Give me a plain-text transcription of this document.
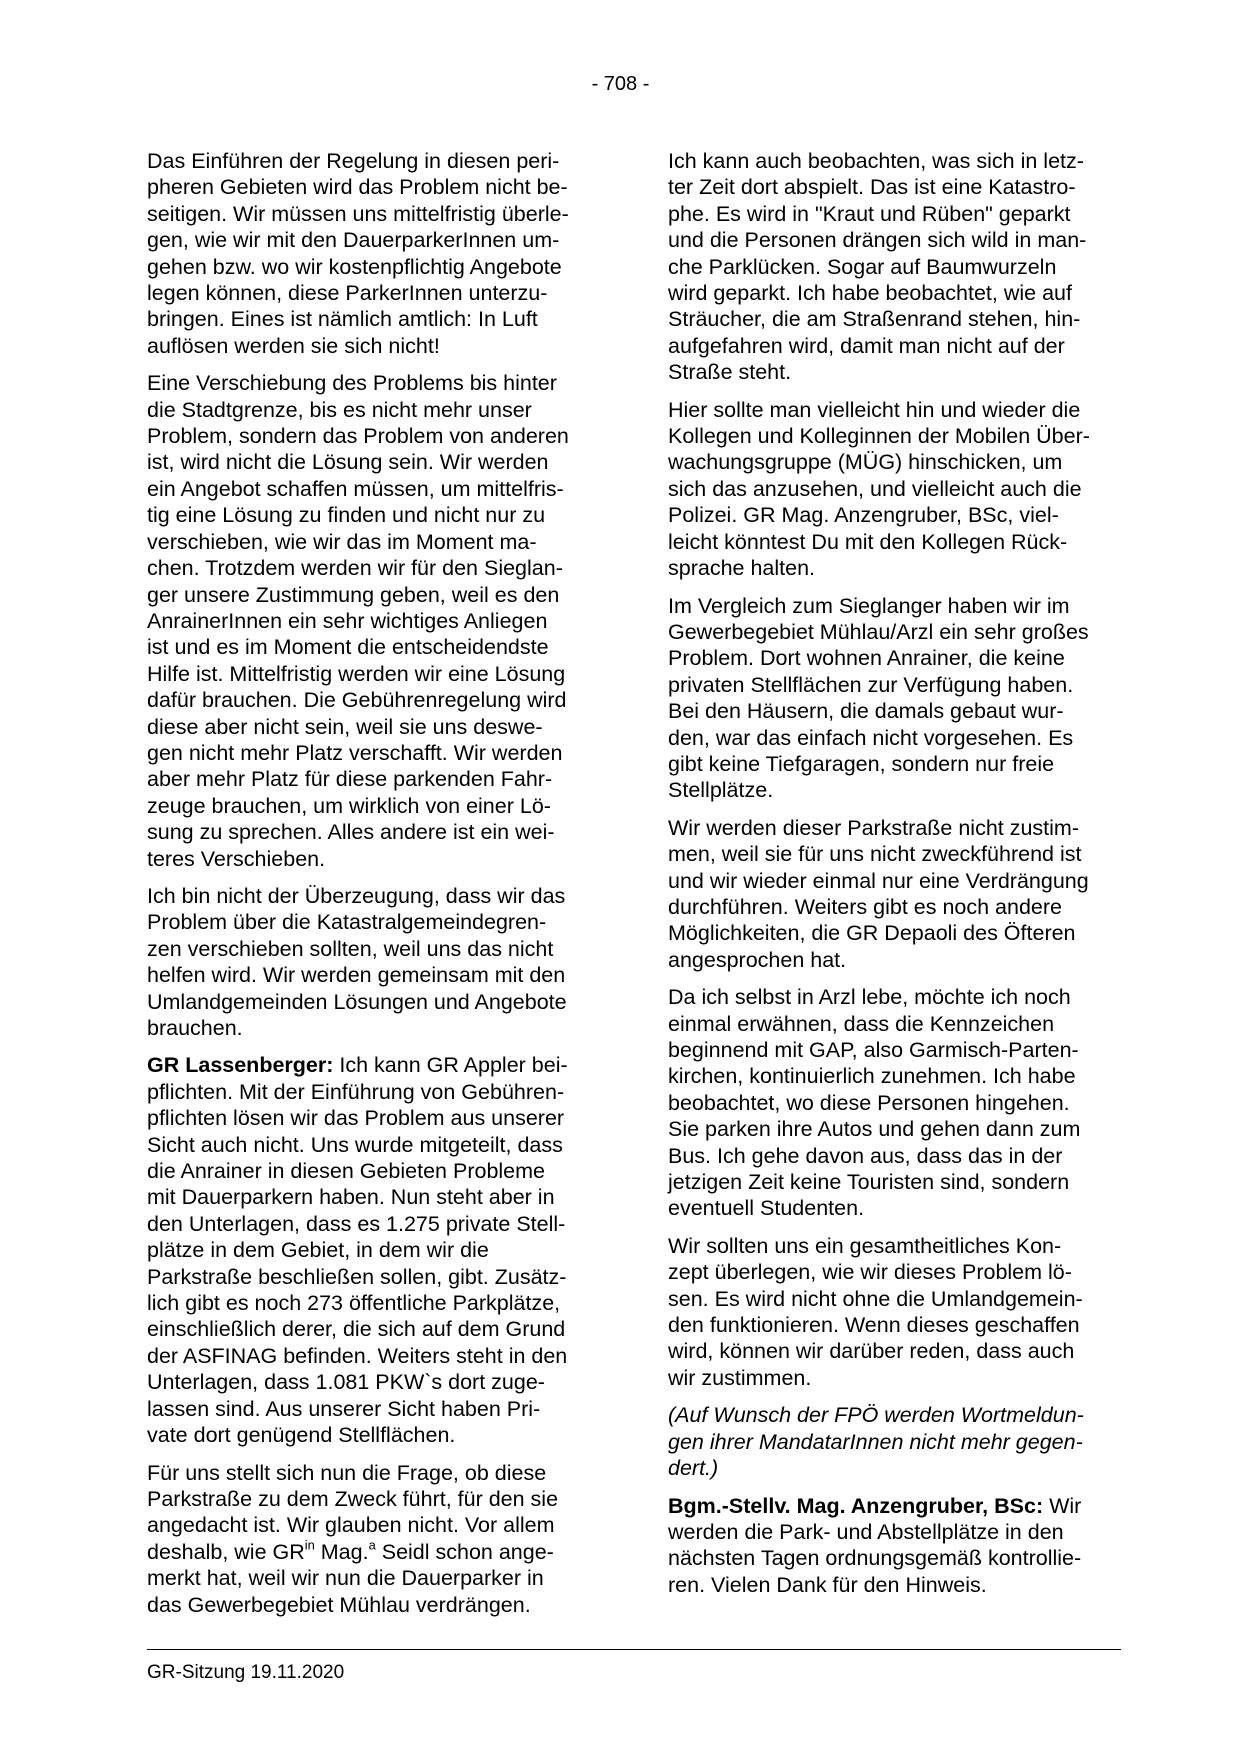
- 708 -

Das Einführen der Regelung in diesen peri-
pheren Gebieten wird das Problem nicht be-
seitigen. Wir müssen uns mittelfristig überle-
gen, wie wir mit den DauerparkerInnen um-
gehen bzw. wo wir kostenpflichtig Angebote
legen können, diese ParkerInnen unterzu-
bringen. Eines ist nämlich amtlich: In Luft
auflösen werden sie sich nicht!

Eine Verschiebung des Problems bis hinter
die Stadtgrenze, bis es nicht mehr unser
Problem, sondern das Problem von anderen
ist, wird nicht die Lösung sein. Wir werden
ein Angebot schaffen müssen, um mittelfris-
tig eine Lösung zu finden und nicht nur zu
verschieben, wie wir das im Moment ma-
chen. Trotzdem werden wir für den Sieglan-
ger unsere Zustimmung geben, weil es den
AnrainerInnen ein sehr wichtiges Anliegen
ist und es im Moment die entscheidendste
Hilfe ist. Mittelfristig werden wir eine Lösung
dafür brauchen. Die Gebührenregelung wird
diese aber nicht sein, weil sie uns deswe-
gen nicht mehr Platz verschafft. Wir werden
aber mehr Platz für diese parkenden Fahr-
zeuge brauchen, um wirklich von einer Lö-
sung zu sprechen. Alles andere ist ein wei-
teres Verschieben.

Ich bin nicht der Überzeugung, dass wir das
Problem über die Katastralgemeindegren-
zen verschieben sollten, weil uns das nicht
helfen wird. Wir werden gemeinsam mit den
Umlandgemeinden Lösungen und Angebote
brauchen.

GR Lassenberger: Ich kann GR Appler bei-
pflichten. Mit der Einführung von Gebühren-
pflichten lösen wir das Problem aus unserer
Sicht auch nicht. Uns wurde mitgeteilt, dass
die Anrainer in diesen Gebieten Probleme
mit Dauerparkern haben. Nun steht aber in
den Unterlagen, dass es 1.275 private Stell-
plätze in dem Gebiet, in dem wir die
Parkstraße beschließen sollen, gibt. Zusätz-
lich gibt es noch 273 öffentliche Parkplätze,
einschließlich derer, die sich auf dem Grund
der ASFINAG befinden. Weiters steht in den
Unterlagen, dass 1.081 PKW`s dort zuge-
lassen sind. Aus unserer Sicht haben Pri-
vate dort genügend Stellflächen.

Für uns stellt sich nun die Frage, ob diese
Parkstraße zu dem Zweck führt, für den sie
angedacht ist. Wir glauben nicht. Vor allem
deshalb, wie $GR^{in}$ Mag.$^a$ Seidl schon ange-
merkt hat, weil wir nun die Dauerparker in
das Gewerbegebiet Mühlau verdrängen.

Ich kann auch beobachten, was sich in letz-
ter Zeit dort abspielt. Das ist eine Katastro-
phe. Es wird in "Kraut und Rüben" geparkt
und die Personen drängen sich wild in man-
che Parklücken. Sogar auf Baumwurzeln
wird geparkt. Ich habe beobachtet, wie auf
Sträucher, die am Straßenrand stehen, hin-
aufgefahren wird, damit man nicht auf der
Straße steht.

Hier sollte man vielleicht hin und wieder die
Kollegen und Kolleginnen der Mobilen Über-
wachungsgruppe (MÜG) hinschicken, um
sich das anzusehen, und vielleicht auch die
Polizei. GR Mag. Anzengruber, BSc, viel-
leicht könntest Du mit den Kollegen Rück-
sprache halten.

Im Vergleich zum Sieglanger haben wir im
Gewerbegebiet Mühlau/Arzl ein sehr großes
Problem. Dort wohnen Anrainer, die keine
privaten Stellflächen zur Verfügung haben.
Bei den Häusern, die damals gebaut wur-
den, war das einfach nicht vorgesehen. Es
gibt keine Tiefgaragen, sondern nur freie
Stellplätze.

Wir werden dieser Parkstraße nicht zustim-
men, weil sie für uns nicht zweckführend ist
und wir wieder einmal nur eine Verdrängung
durchführen. Weiters gibt es noch andere
Möglichkeiten, die GR Depaoli des Öfteren
angesprochen hat.

Da ich selbst in Arzl lebe, möchte ich noch
einmal erwähnen, dass die Kennzeichen
beginnend mit GAP, also Garmisch-Parten-
kirchen, kontinuierlich zunehmen. Ich habe
beobachtet, wo diese Personen hingehen.
Sie parken ihre Autos und gehen dann zum
Bus. Ich gehe davon aus, dass das in der
jetzigen Zeit keine Touristen sind, sondern
eventuell Studenten.

Wir sollten uns ein gesamtheitliches Kon-
zept überlegen, wie wir dieses Problem lö-
sen. Es wird nicht ohne die Umlandgemein-
den funktionieren. Wenn dieses geschaffen
wird, können wir darüber reden, dass auch
wir zustimmen.

(Auf Wunsch der FPÖ werden Wortmeldun-
gen ihrer MandatarInnen nicht mehr gegen-
dert.)

Bgm.-Stellv. Mag. Anzengruber, BSc: Wir
werden die Park- und Abstellplätze in den
nächsten Tagen ordnungsgemäß kontrollie-
ren. Vielen Dank für den Hinweis.

GR-Sitzung 19.11.2020
